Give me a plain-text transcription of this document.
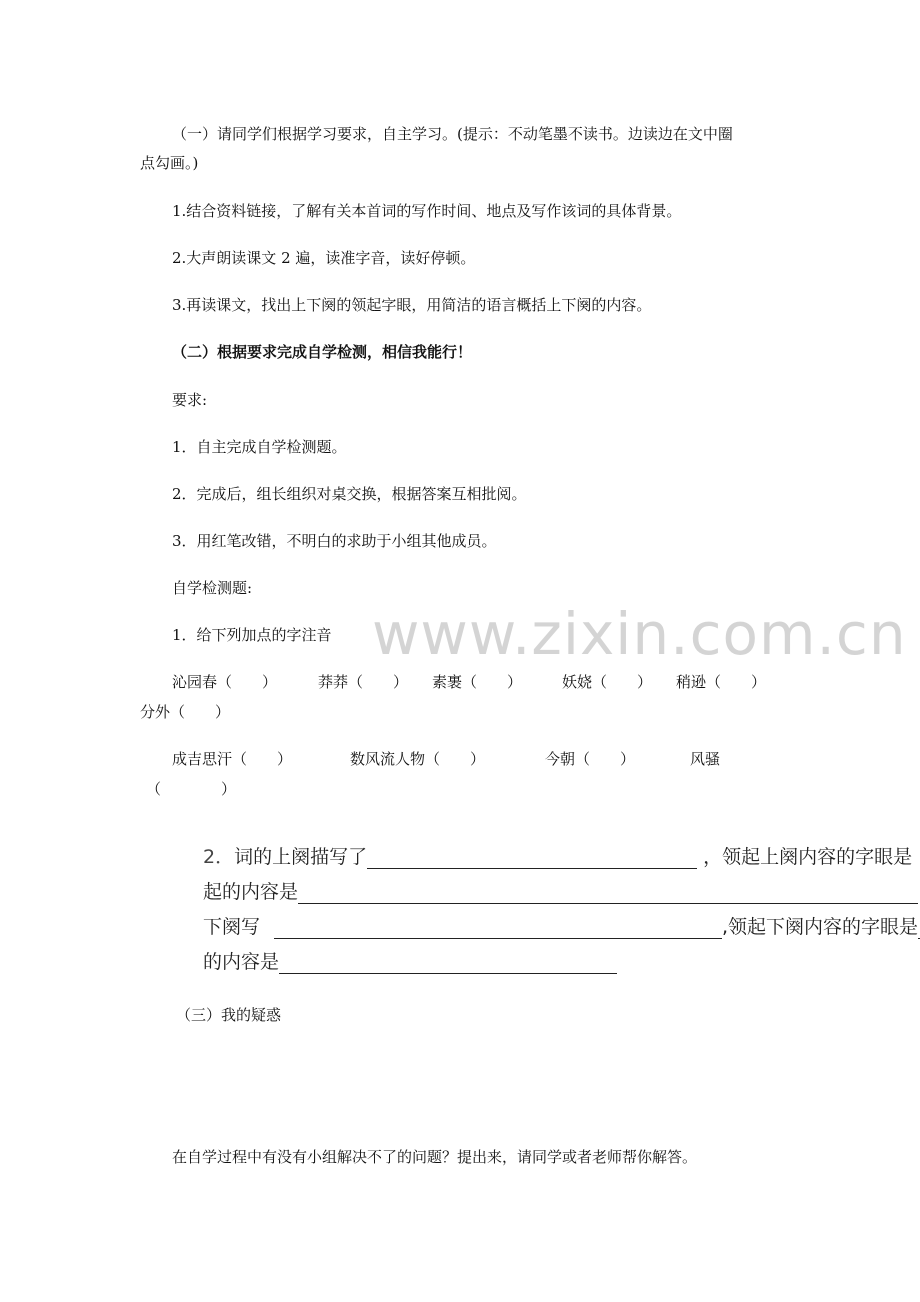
www.zixin.com.cn
（一）请同学们根据学习要求，自主学习。(提示：不动笔墨不读书。边读边在文中圈
点勾画。)
1.结合资料链接，了解有关本首词的写作时间、地点及写作该词的具体背景。
2.大声朗读课文 2 遍，读准字音，读好停顿。
3.再读课文，找出上下阕的领起字眼，用简洁的语言概括上下阕的内容。
（二）根据要求完成自学检测，相信我能行！
要求:
1．自主完成自学检测题。
2．完成后，组长组织对桌交换，根据答案互相批阅。
3．用红笔改错，不明白的求助于小组其他成员。
自学检测题:
1．给下列加点的字注音
沁园春（　　）	莽莽（　　） 素裹（　　）	妖娆（　　） 稍逊（　　）
分外（　　）
成吉思汗（　　）	数风流人物（　　）	今朝（　　）	风骚
（　　　　）
2．词的上阕描写了	，领起上阕内容的字眼是
起的内容是
下阕写	,领起下阕内容的字眼是
的内容是
（三）我的疑惑
在自学过程中有没有小组解决不了的问题？提出来，请同学或者老师帮你解答。
